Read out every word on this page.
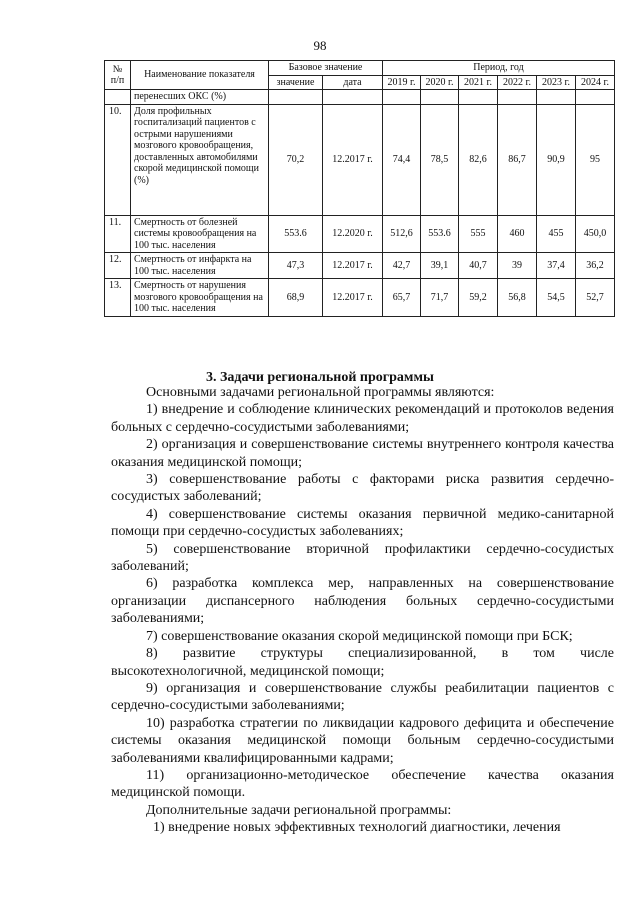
98
№ п/п	Наименование показателя	Базовое значение		Период, год					
		значение	дата	2019 г.	2020 г.	2021 г.	2022 г.	2023 г.	2024 г.
	перенесших ОКС (%)								
10.	Доля профильных госпитализаций пациентов с острыми нарушениями мозгового кровообращения, доставленных автомобилями скорой медицинской помощи (%)	70,2	12.2017 г.	74,4	78,5	82,6	86,7	90,9	95
11.	Смертность от болезней системы кровообращения на 100 тыс. населения	553.6	12.2020 г.	512,6	553.6	555	460	455	450,0
12.	Смертность от инфаркта на 100 тыс. населения	47,3	12.2017 г.	42,7	39,1	40,7	39	37,4	36,2
13.	Смертность от нарушения мозгового кровообращения на 100 тыс. населения	68,9	12.2017 г.	65,7	71,7	59,2	56,8	54,5	52,7
3. Задачи региональной программы

Основными задачами региональной программы являются:

1) внедрение и соблюдение клинических рекомендаций и протоколов ведения больных с сердечно-сосудистыми заболеваниями;

2) организация и совершенствование системы внутреннего контроля качества оказания медицинской помощи;

3) совершенствование работы с факторами риска развития сердечно-сосудистых заболеваний;

4) совершенствование системы оказания первичной медико-санитарной помощи при сердечно-сосудистых заболеваниях;

5) совершенствование вторичной профилактики сердечно-сосудистых заболеваний;

6) разработка комплекса мер, направленных на совершенствование организации диспансерного наблюдения больных сердечно-сосудистыми заболеваниями;

7) совершенствование оказания скорой медицинской помощи при БСК;

8) развитие структуры специализированной, в том числе высокотехнологичной, медицинской помощи;

9) организация и совершенствование службы реабилитации пациентов с сердечно-сосудистыми заболеваниями;

10) разработка стратегии по ликвидации кадрового дефицита и обеспечение системы оказания медицинской помощи больным сердечно-сосудистыми заболеваниями квалифицированными кадрами;

11) организационно-методическое обеспечение качества оказания медицинской помощи.

Дополнительные задачи региональной программы:

1) внедрение новых эффективных технологий диагностики, лечения
